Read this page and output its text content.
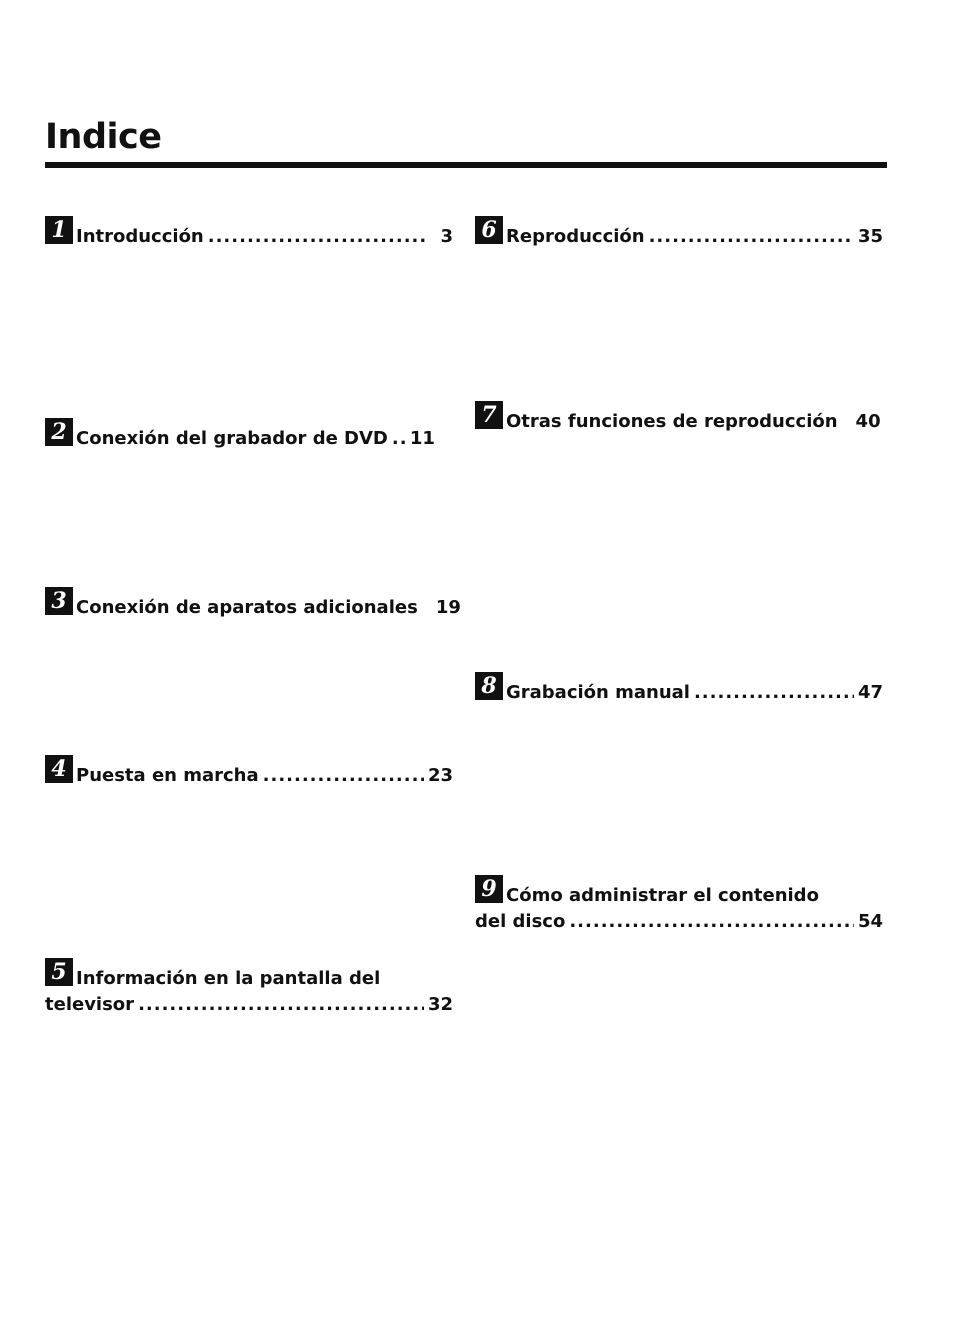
Indice
1 Introducción .....	3
2 Conexión del grabador de DVD ..... 11
3 Conexión de aparatos adicionales 19
4 Puesta en marcha .....	23
5 Información en la pantalla del
televisor .....	32
6 Reproducción .....	35
7 Otras funciones de reproducción 40
8 Grabación manual .....	47
9 Cómo administrar el contenido
del disco .....	54
